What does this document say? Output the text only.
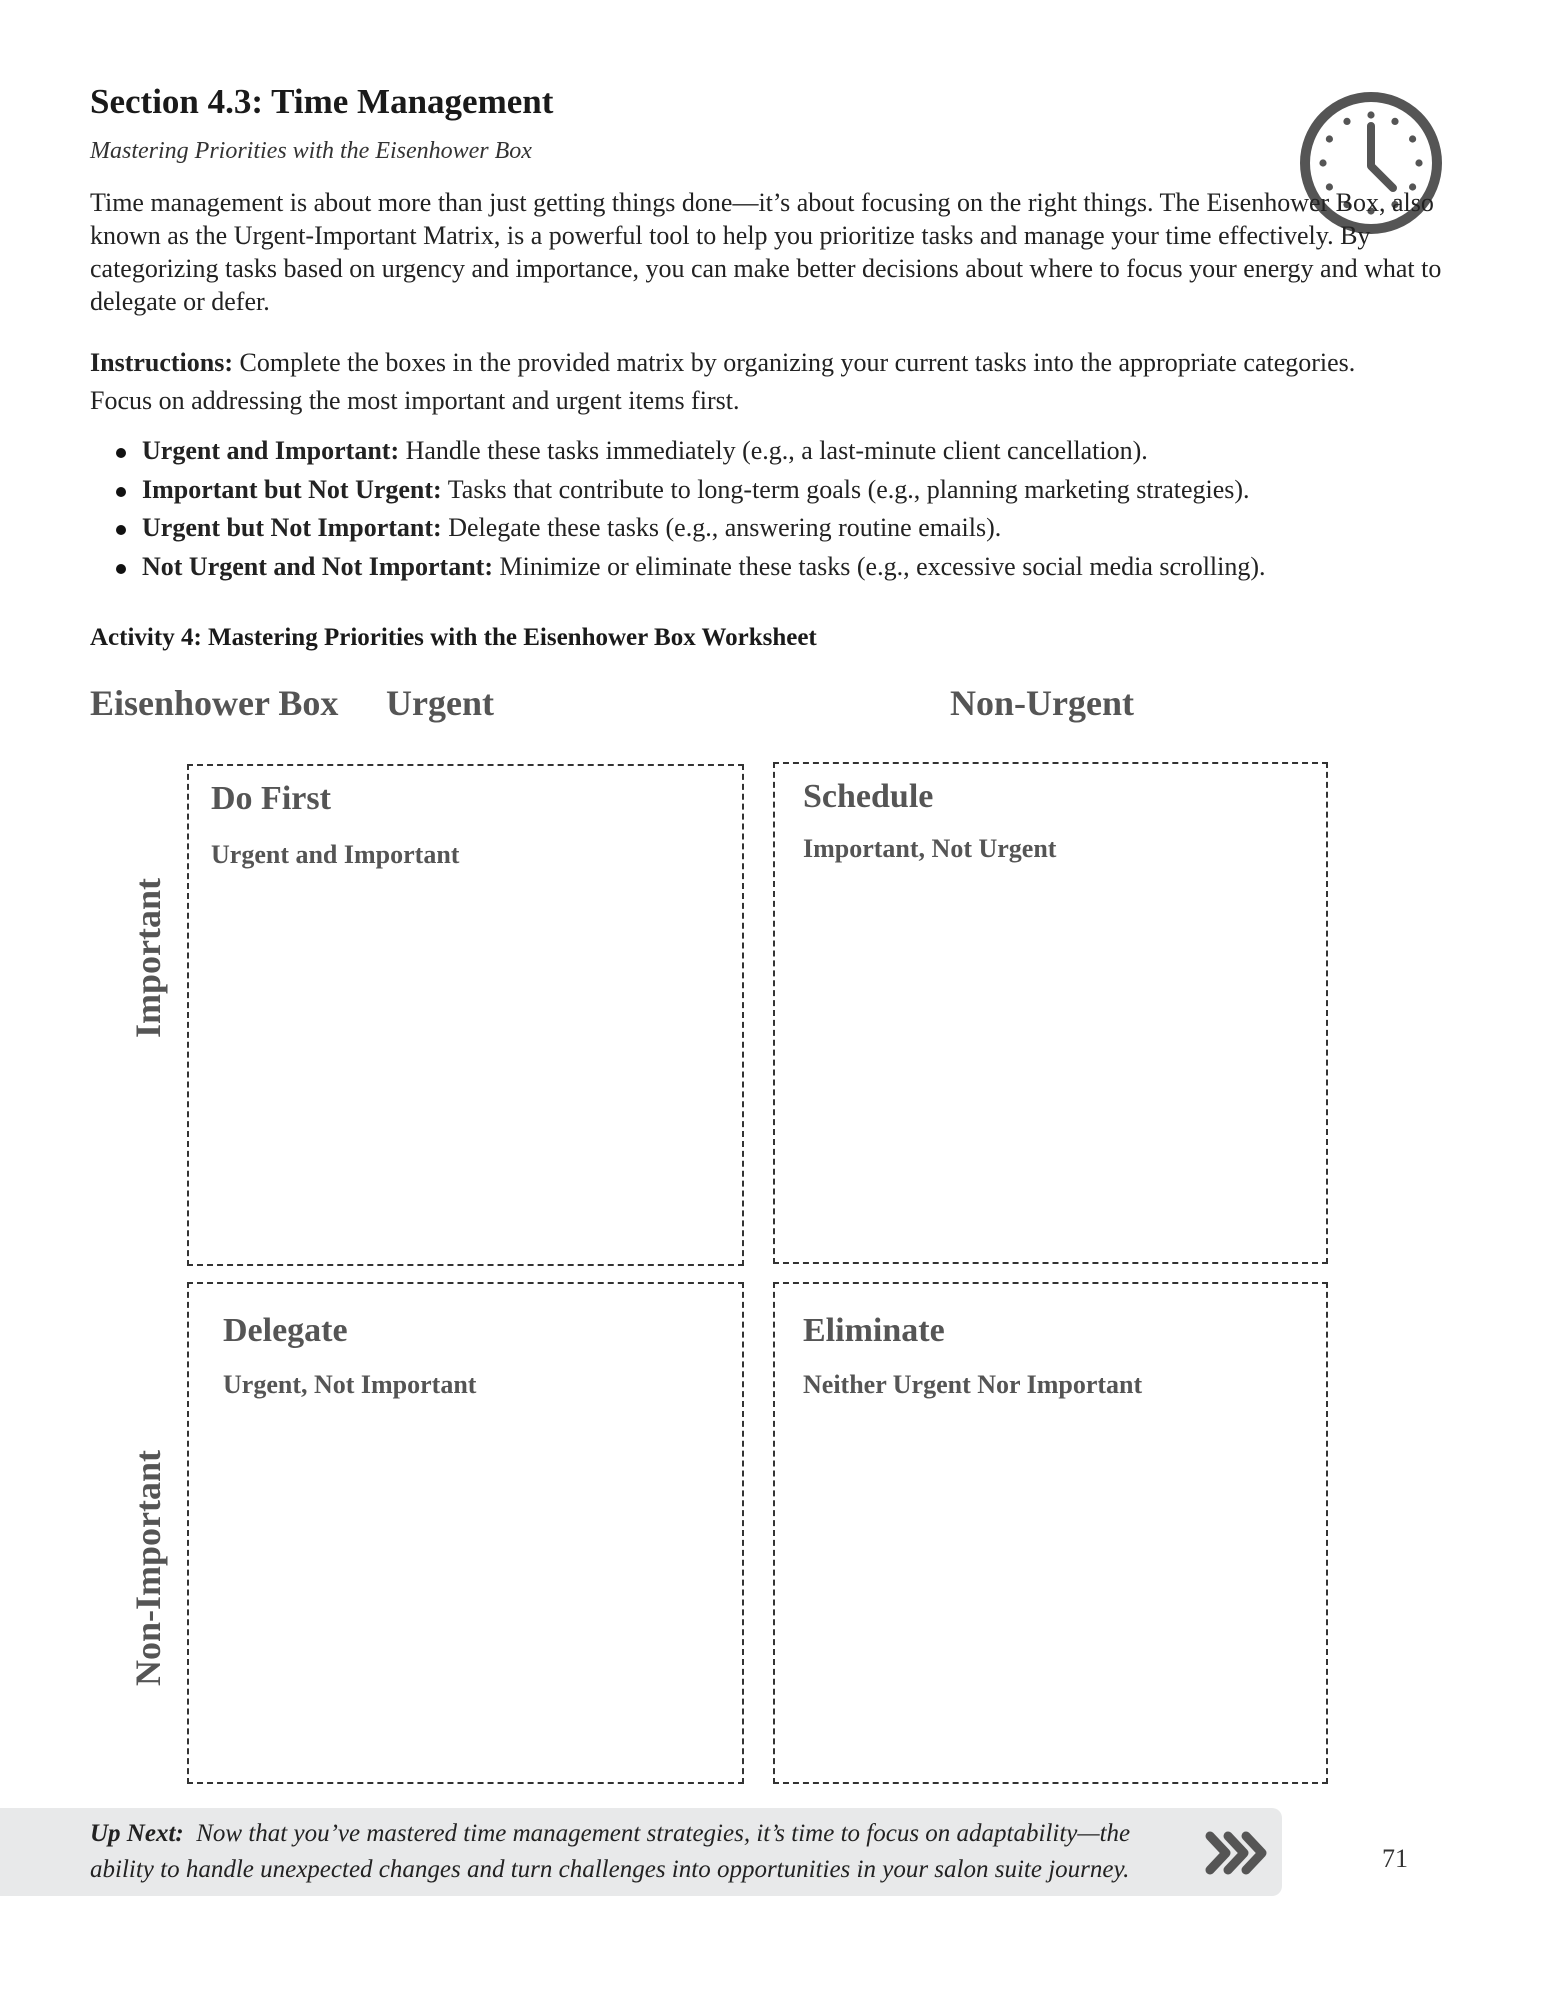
Section 4.3: Time Management

Mastering Priorities with the Eisenhower Box

Time management is about more than just getting things done—it’s about focusing on the right things. The Eisenhower Box, also known as the Urgent-Important Matrix, is a powerful tool to help you prioritize tasks and manage your time effectively. By categorizing tasks based on urgency and importance, you can make better decisions about where to focus your energy and what to delegate or defer.

Instructions: Complete the boxes in the provided matrix by organizing your current tasks into the appropriate categories. Focus on addressing the most important and urgent items first.

Urgent and Important: Handle these tasks immediately (e.g., a last-minute client cancellation).
Important but Not Urgent: Tasks that contribute to long-term goals (e.g., planning marketing strategies).
Urgent but Not Important: Delegate these tasks (e.g., answering routine emails).
Not Urgent and Not Important: Minimize or eliminate these tasks (e.g., excessive social media scrolling).
Activity 4: Mastering Priorities with the Eisenhower Box Worksheet
Eisenhower Box Urgent	Non-Urgent
Important
Non-Important
Do First
Urgent and Important
Schedule
Important, Not Urgent
Delegate
Urgent, Not Important
Eliminate
Neither Urgent Nor Important

Up Next: Now that you’ve mastered time management strategies, it’s time to focus on adaptability—the ability to handle unexpected changes and turn challenges into opportunities in your salon suite journey.	71
